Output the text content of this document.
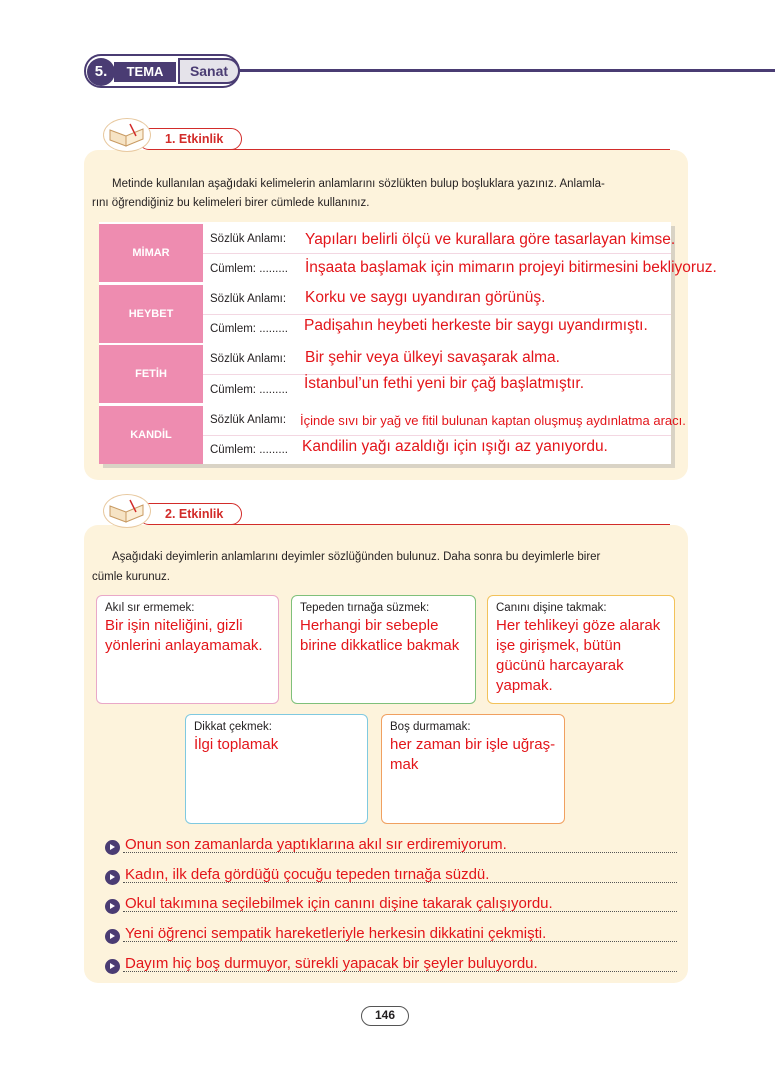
5.	TEMA	Sanat
1. Etkinlik
Metinde kullanılan aşağıdaki kelimelerin anlamlarını sözlükten bulup boşluklara yazınız. Anlamla-
rını öğrendiğiniz bu kelimeleri birer cümlede kullanınız.
MİMAR
Sözlük Anlamı: Yapıları belirli ölçü ve kurallara göre tasarlayan kimse.
Cümlem: ......... İnşaata başlamak için mimarın projeyi bitirmesini bekliyoruz.
HEYBET
Sözlük Anlamı: Korku ve saygı uyandıran görünüş.
Cümlem: ......... Padişahın heybeti herkeste bir saygı uyandırmıştı.
FETİH
Sözlük Anlamı: Bir şehir veya ülkeyi savaşarak alma.
Cümlem: ......... İstanbul’un fethi yeni bir çağ başlatmıştır.
KANDİL
Sözlük Anlamı: İçinde sıvı bir yağ ve fitil bulunan kaptan oluşmuş aydınlatma aracı.
Cümlem: ......... Kandilin yağı azaldığı için ışığı az yanıyordu.
2. Etkinlik
Aşağıdaki deyimlerin anlamlarını deyimler sözlüğünden bulunuz. Daha sonra bu deyimlerle birer
cümle kurunuz.
Akıl sır ermemek:
Bir işin niteliğini, gizli yönlerini anlayamamak.
Tepeden tırnağa süzmek:
Herhangi bir sebeple birine dikkatlice bakmak
Canını dişine takmak:
Her tehlikeyi göze alarak işe girişmek, bütün gücünü harcayarak yapmak.
Dikkat çekmek:
İlgi toplamak
Boş durmamak:
her zaman bir işle uğraş-mak
Onun son zamanlarda yaptıklarına akıl sır erdiremiyorum.
Kadın, ilk defa gördüğü çocuğu tepeden tırnağa süzdü.
Okul takımına seçilebilmek için canını dişine takarak çalışıyordu.
Yeni öğrenci sempatik hareketleriyle herkesin dikkatini çekmişti.
Dayım hiç boş durmuyor, sürekli yapacak bir şeyler buluyordu.
146
